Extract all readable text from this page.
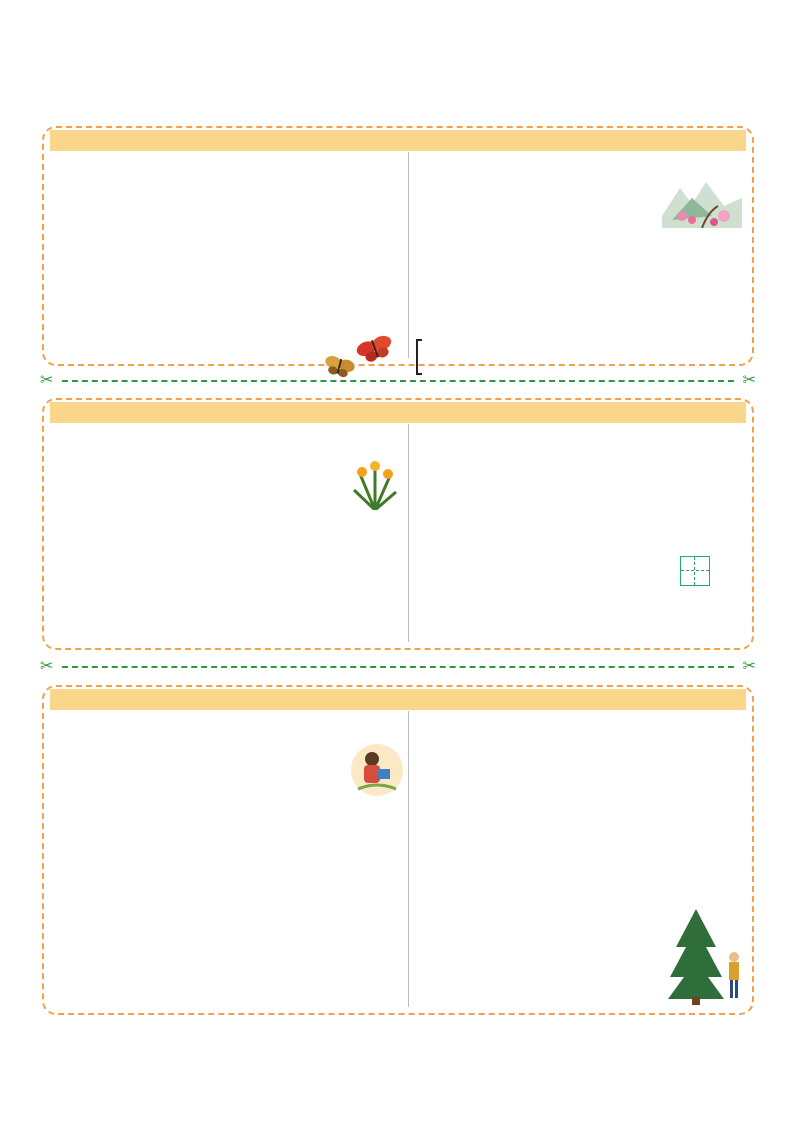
✂	✂
✂	✂
